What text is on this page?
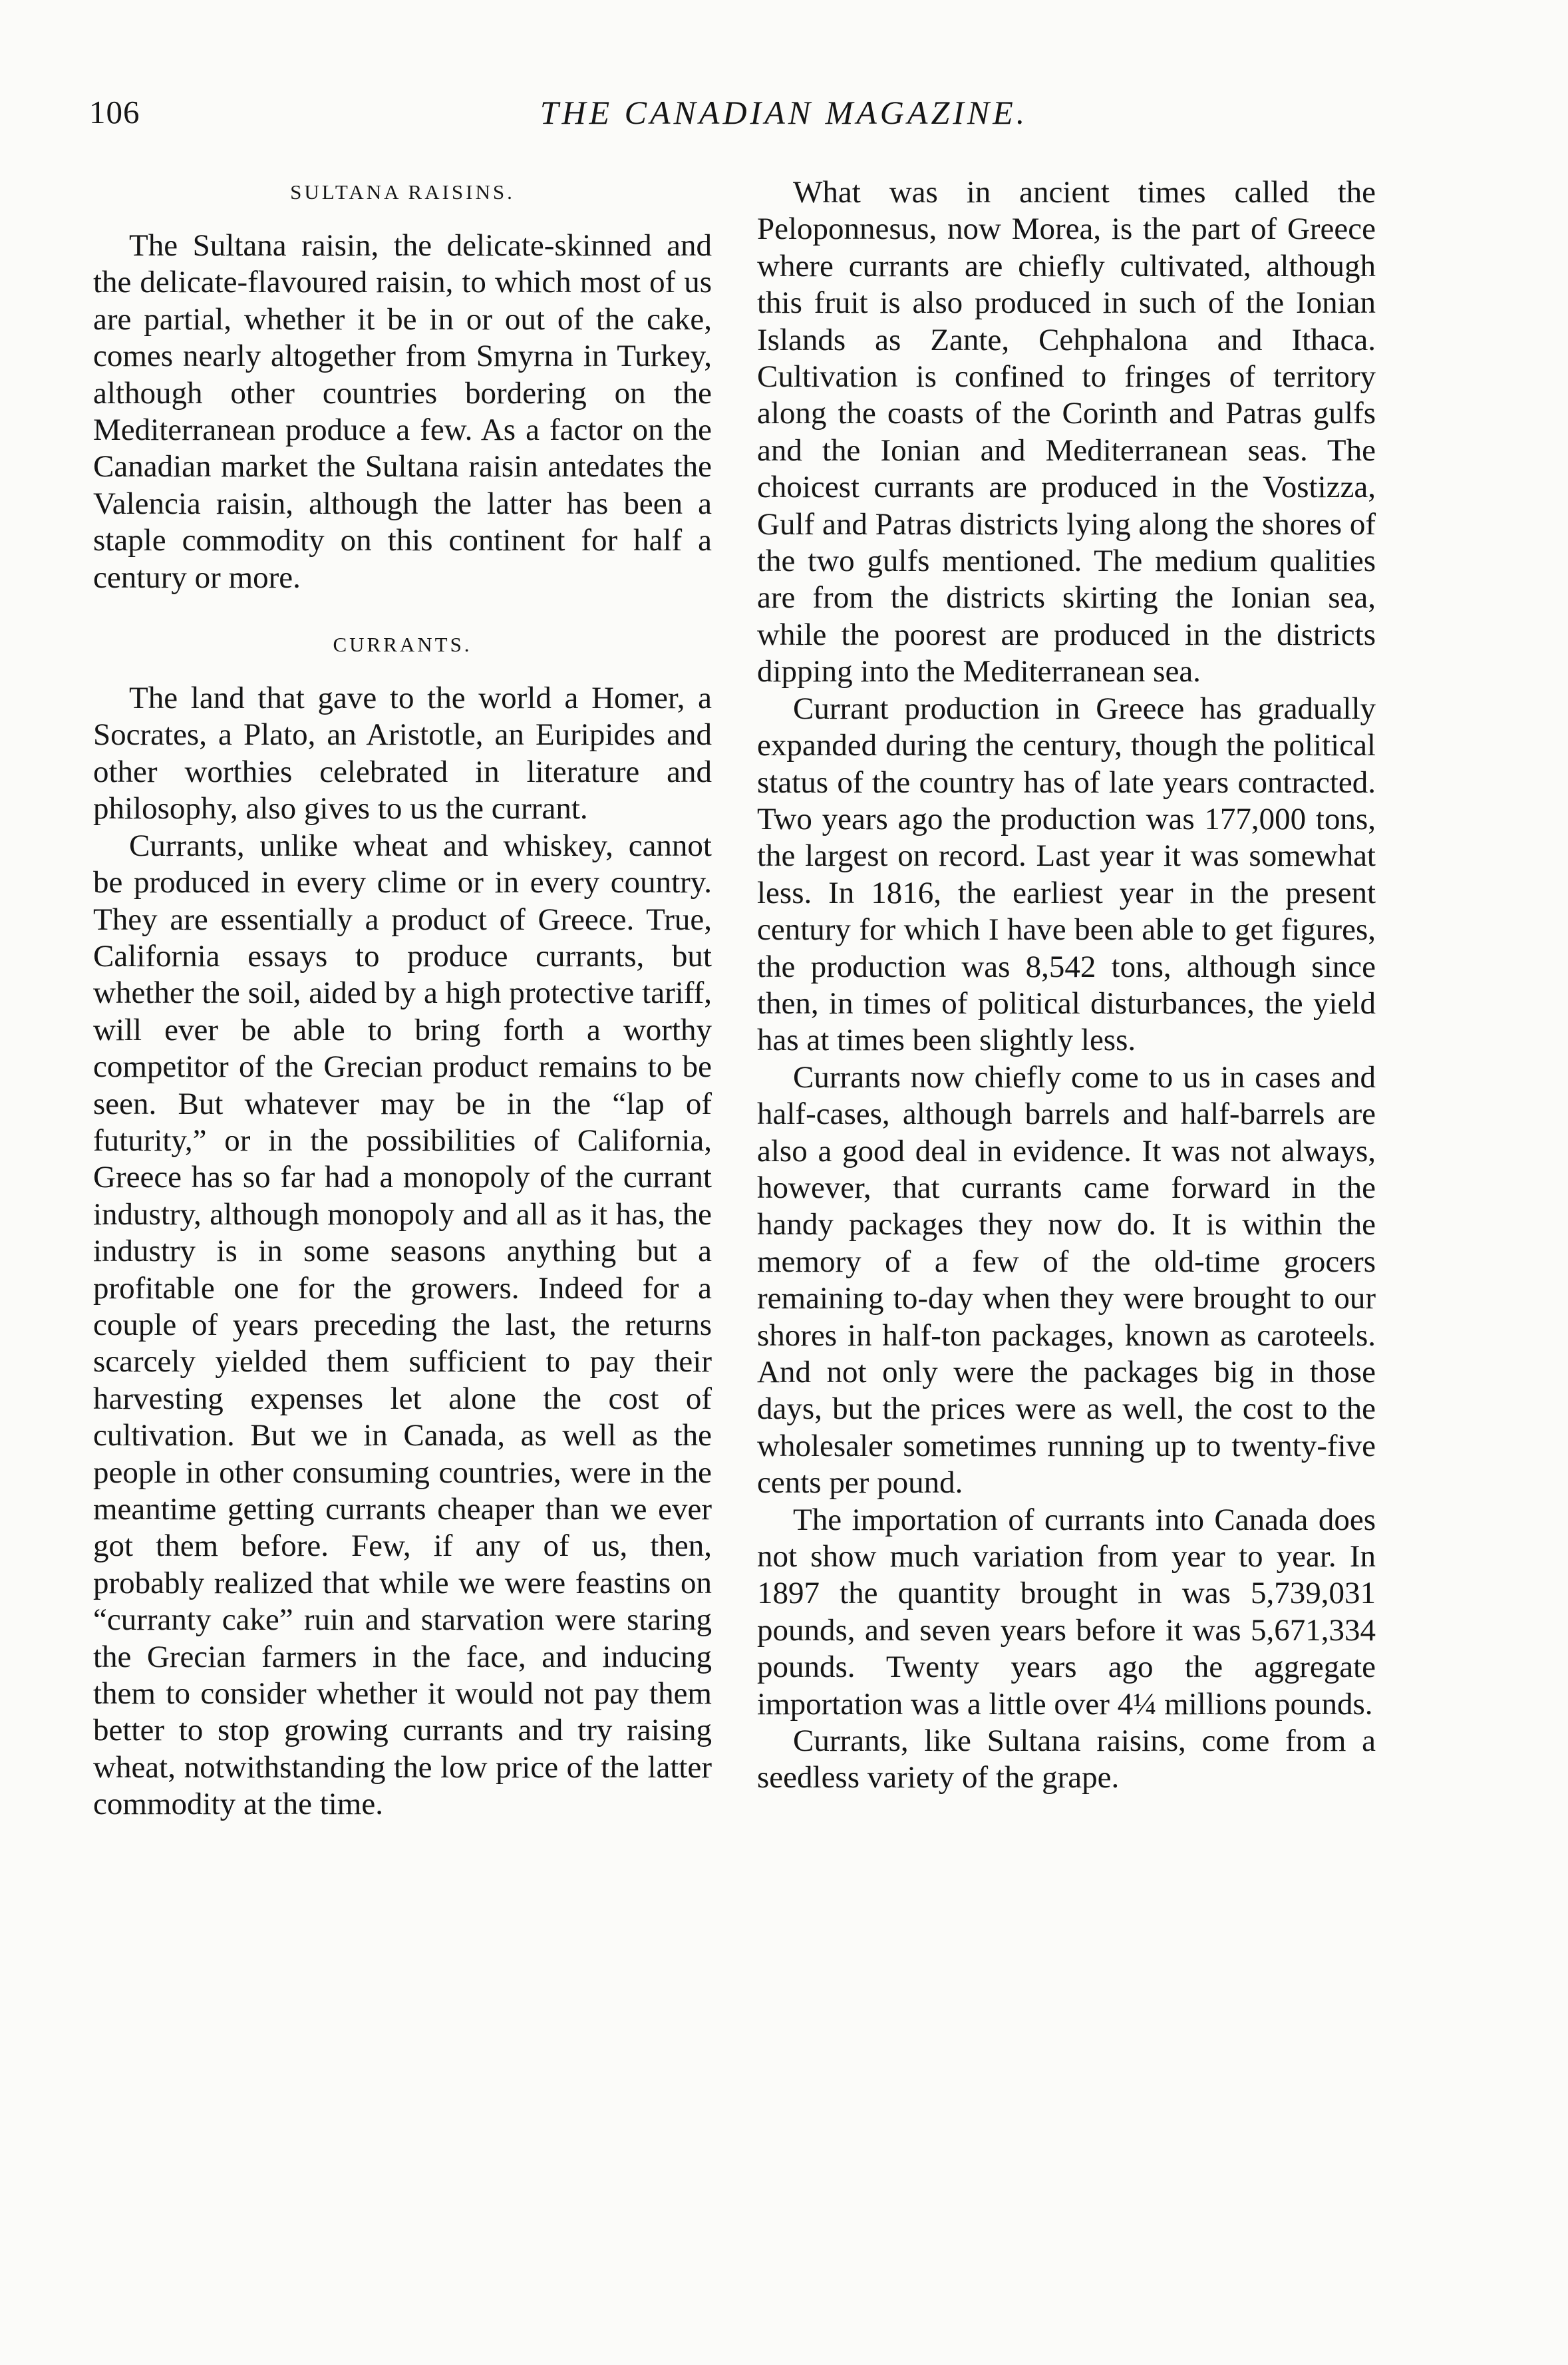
106	THE CANADIAN MAGAZINE.
SULTANA RAISINS.

The Sultana raisin, the delicate-skinned and the delicate-flavoured raisin, to which most of us are partial, whether it be in or out of the cake, comes nearly altogether from Smyrna in Turkey, although other countries bordering on the Mediterranean produce a few. As a factor on the Canadian market the Sultana raisin antedates the Valencia raisin, although the latter has been a staple commodity on this continent for half a century or more.

CURRANTS.

The land that gave to the world a Homer, a Socrates, a Plato, an Aristotle, an Euripides and other worthies celebrated in literature and philosophy, also gives to us the currant.

Currants, unlike wheat and whiskey, cannot be produced in every clime or in every country. They are essentially a product of Greece. True, California essays to produce currants, but whether the soil, aided by a high protective tariff, will ever be able to bring forth a worthy competitor of the Grecian product remains to be seen. But whatever may be in the “lap of futurity,” or in the possibilities of California, Greece has so far had a monopoly of the currant industry, although monopoly and all as it has, the industry is in some seasons anything but a profitable one for the growers. Indeed for a couple of years preceding the last, the returns scarcely yielded them sufficient to pay their harvesting expenses let alone the cost of cultivation. But we in Canada, as well as the people in other consuming countries, were in the meantime getting currants cheaper than we ever got them before. Few, if any of us, then, probably realized that while we were feastins on “curranty cake” ruin and starvation were staring the Grecian farmers in the face, and inducing them to consider whether it would not pay them better to stop growing currants and try raising wheat, notwithstanding the low price of the latter commodity at the time.

What was in ancient times called the Peloponnesus, now Morea, is the part of Greece where currants are chiefly cultivated, although this fruit is also produced in such of the Ionian Islands as Zante, Cehphalona and Ithaca. Cultivation is confined to fringes of territory along the coasts of the Corinth and Patras gulfs and the Ionian and Mediterranean seas. The choicest currants are produced in the Vostizza, Gulf and Patras districts lying along the shores of the two gulfs mentioned. The medium qualities are from the districts skirting the Ionian sea, while the poorest are produced in the districts dipping into the Mediterranean sea.

Currant production in Greece has gradually expanded during the century, though the political status of the country has of late years contracted. Two years ago the production was 177,000 tons, the largest on record. Last year it was somewhat less. In 1816, the earliest year in the present century for which I have been able to get figures, the production was 8,542 tons, although since then, in times of political disturbances, the yield has at times been slightly less.

Currants now chiefly come to us in cases and half-cases, although barrels and half-barrels are also a good deal in evidence. It was not always, however, that currants came forward in the handy packages they now do. It is within the memory of a few of the old-time grocers remaining to-day when they were brought to our shores in half-ton packages, known as caroteels. And not only were the packages big in those days, but the prices were as well, the cost to the wholesaler sometimes running up to twenty-five cents per pound.

The importation of currants into Canada does not show much variation from year to year. In 1897 the quantity brought in was 5,739,031 pounds, and seven years before it was 5,671,334 pounds. Twenty years ago the aggregate importation was a little over 4¼ millions pounds.

Currants, like Sultana raisins, come from a seedless variety of the grape.
